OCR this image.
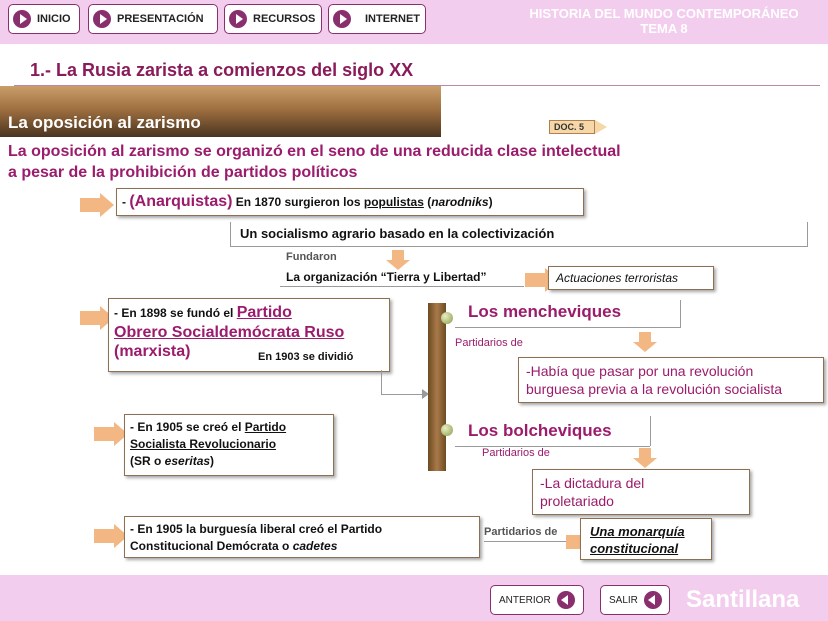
INICIO	PRESENTACIÓN	RECURSOS	INTERNET	HISTORIA DEL MUNDO CONTEMPORÁNEO
TEMA 8
1.- La Rusia zarista a comienzos del siglo XX
La oposición al zarismo	DOC. 5
La oposición al zarismo se organizó en el seno de una reducida clase intelectual
a pesar de la prohibición de partidos políticos
- (Anarquistas) En 1870 surgieron los populistas (narodniks)
Un socialismo agrario basado en la colectivización
Fundaron
La organización “Tierra y Libertad”	Actuaciones terroristas
- En 1898 se fundó el Partido
Obrero Socialdemócrata Ruso
(marxista)	En 1903 se dividió
Los mencheviques
Partidarios de
-Había que pasar por una revolución
burguesa previa a la revolución socialista
- En 1905 se creó el Partido
Socialista Revolucionario
(SR o eseritas)
Los bolcheviques
Partidarios de
-La dictadura del
proletariado
- En 1905 la burguesía liberal creó el Partido
Constitucional Demócrata o cadetes
Partidarios de	Una monarquía
constitucional
ANTERIOR	SALIR Santillana
